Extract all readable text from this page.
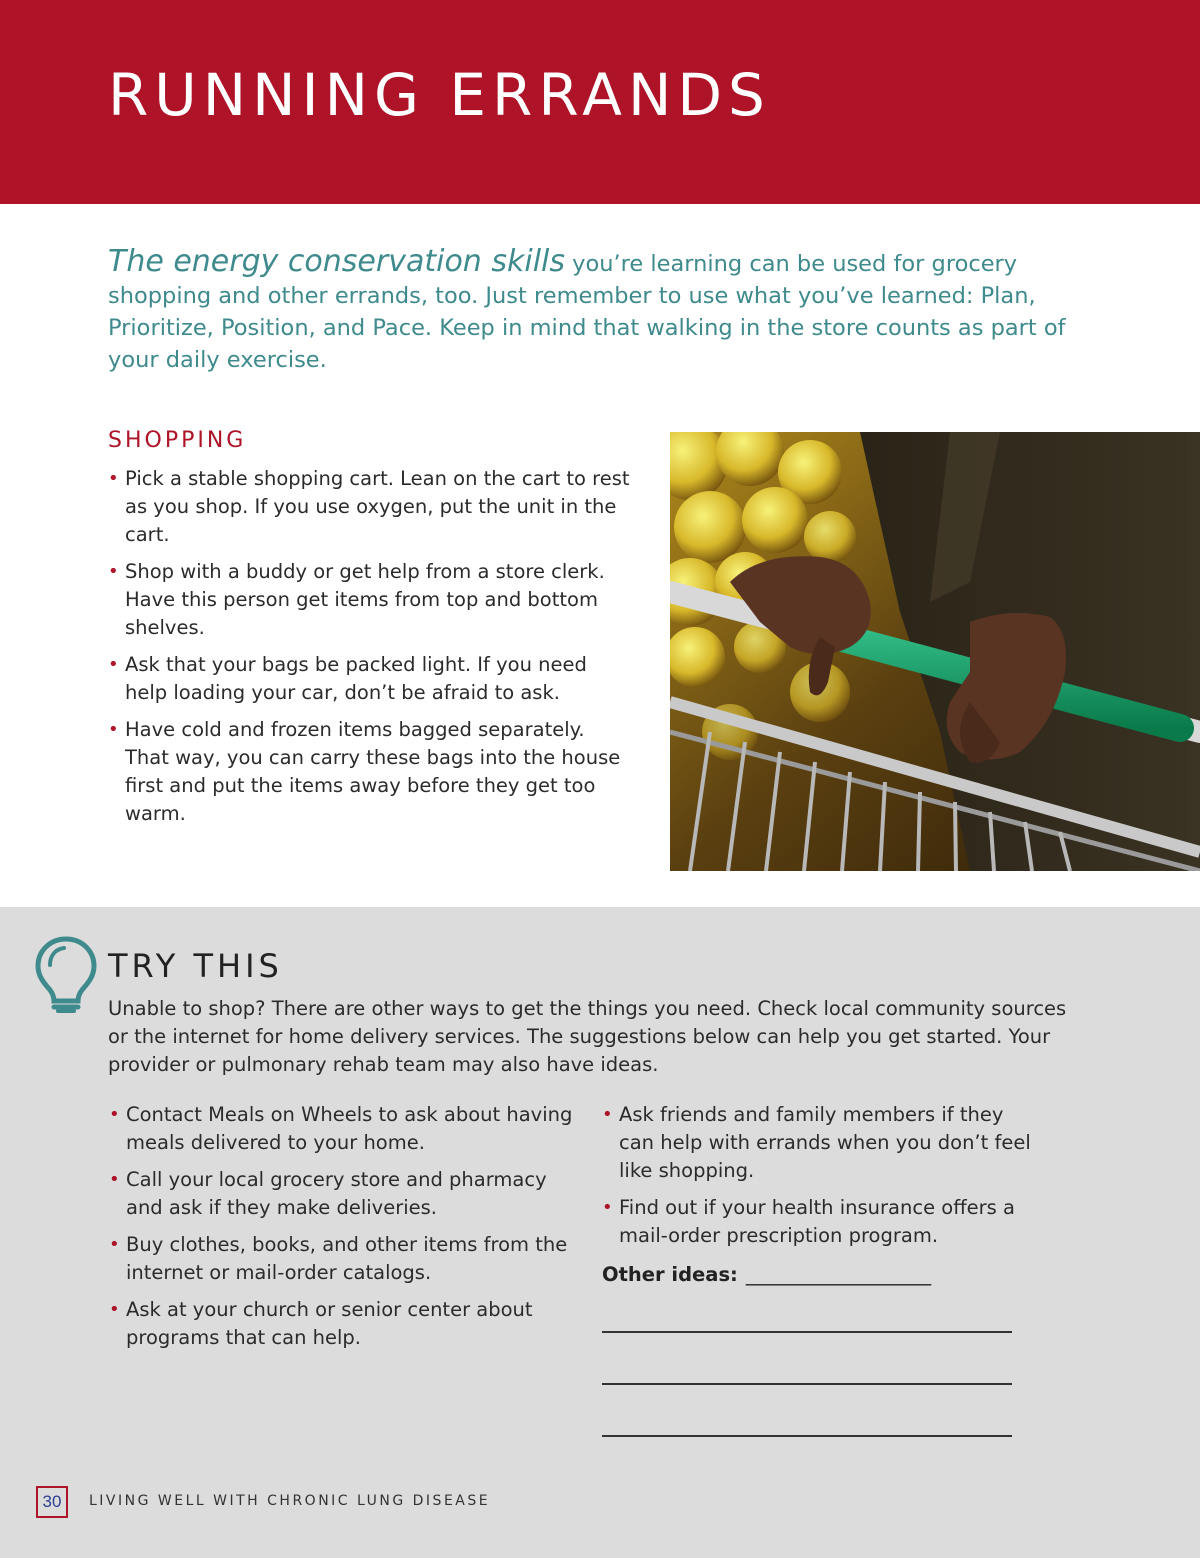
RUNNING ERRANDS

The energy conservation skills you’re learning can be used for grocery shopping and other errands, too. Just remember to use what you’ve learned: Plan, Prioritize, Position, and Pace. Keep in mind that walking in the store counts as part of your daily exercise.

SHOPPING
• Pick a stable shopping cart. Lean on the cart to rest as you shop. If you use oxygen, put the unit in the cart.
• Shop with a buddy or get help from a store clerk. Have this person get items from top and bottom shelves.
• Ask that your bags be packed light. If you need help loading your car, don’t be afraid to ask.
• Have cold and frozen items bagged separately. That way, you can carry these bags into the house first and put the items away before they get too warm.
TRY THIS

Unable to shop? There are other ways to get the things you need. Check local community sources or the internet for home delivery services. The suggestions below can help you get started. Your provider or pulmonary rehab team may also have ideas.

• Contact Meals on Wheels to ask about having meals delivered to your home.
• Call your local grocery store and pharmacy and ask if they make deliveries.
• Buy clothes, books, and other items from the internet or mail-order catalogs.
• Ask at your church or senior center about programs that can help.
• Ask friends and family members if they can help with errands when you don’t feel like shopping.
• Find out if your health insurance offers a mail-order prescription program.

Other ideas: ___________________

30	LIVING WELL WITH CHRONIC LUNG DISEASE
